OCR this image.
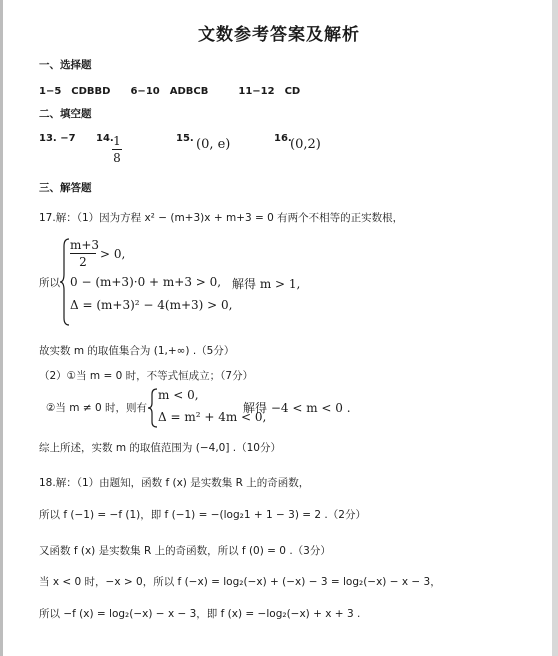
文数参考答案及解析
一、选择题
1−5　CDBBD　　6−10　ADBCB　　　11−12　CD
二、填空题
13. −7 14. 1
8
15. (0, e)	16.
(0,2)
三、解答题
17.解：（1）因为方程 x² − (m+3)x + m+3 = 0 有两个不相等的正实数根，
所以
m+3
2
> 0,
0 − (m+3)·0 + m+3 > 0, 解得 m > 1,
Δ = (m+3)² − 4(m+3) > 0,
故实数 m 的取值集合为 (1,+∞) .（5分）
（2）①当 m = 0 时，不等式恒成立；（7分）
②当 m ≠ 0 时，则有
m < 0,
Δ = m² + 4m < 0,
解得 −4 < m < 0 .
综上所述，实数 m 的取值范围为 (−4,0] .（10分）
18.解：（1）由题知，函数 f (x) 是实数集 R 上的奇函数，
所以 f (−1) = −f (1)，即 f (−1) = −(log₂1 + 1 − 3) = 2 .（2分）
又函数 f (x) 是实数集 R 上的奇函数，所以 f (0) = 0 .（3分）
当 x < 0 时，−x > 0，所以 f (−x) = log₂(−x) + (−x) − 3 = log₂(−x) − x − 3，
所以 −f (x) = log₂(−x) − x − 3，即 f (x) = −log₂(−x) + x + 3 .
